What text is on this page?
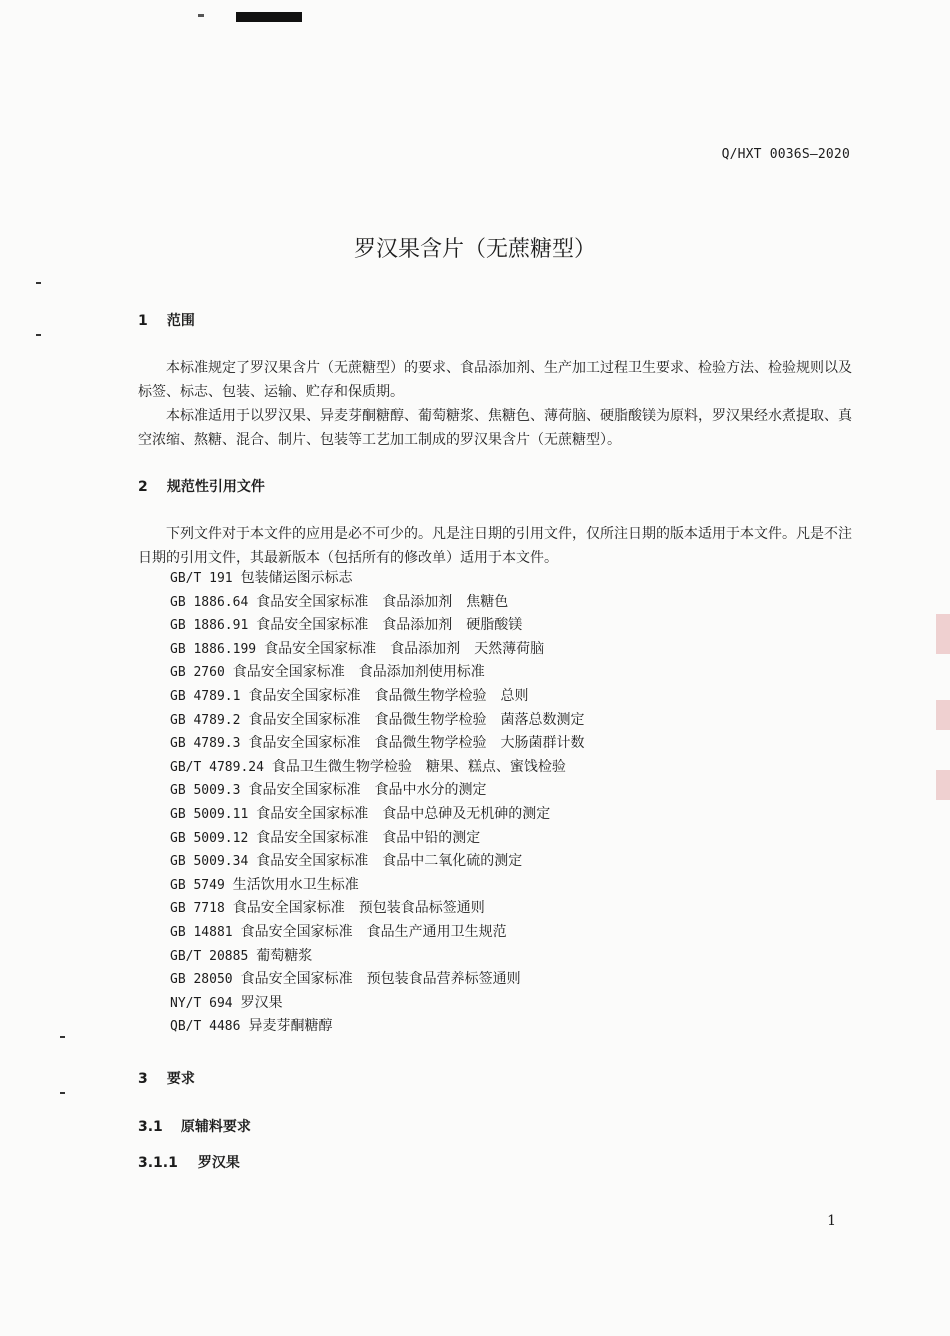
Q/HXT 0036S—2020
罗汉果含片（无蔗糖型）
1 范围
本标准规定了罗汉果含片（无蔗糖型）的要求、食品添加剂、生产加工过程卫生要求、检验方法、检验规则以及标签、标志、包装、运输、贮存和保质期。
本标准适用于以罗汉果、异麦芽酮糖醇、葡萄糖浆、焦糖色、薄荷脑、硬脂酸镁为原料，罗汉果经水煮提取、真空浓缩、熬糖、混合、制片、包装等工艺加工制成的罗汉果含片（无蔗糖型）。
2 规范性引用文件
下列文件对于本文件的应用是必不可少的。凡是注日期的引用文件，仅所注日期的版本适用于本文件。凡是不注日期的引用文件，其最新版本（包括所有的修改单）适用于本文件。
GB/T 191 包装储运图示标志
GB 1886.64 食品安全国家标准 食品添加剂 焦糖色
GB 1886.91 食品安全国家标准 食品添加剂 硬脂酸镁
GB 1886.199 食品安全国家标准 食品添加剂 天然薄荷脑
GB 2760 食品安全国家标准 食品添加剂使用标准
GB 4789.1 食品安全国家标准 食品微生物学检验 总则
GB 4789.2 食品安全国家标准 食品微生物学检验 菌落总数测定
GB 4789.3 食品安全国家标准 食品微生物学检验 大肠菌群计数
GB/T 4789.24 食品卫生微生物学检验 糖果、糕点、蜜饯检验
GB 5009.3 食品安全国家标准 食品中水分的测定
GB 5009.11 食品安全国家标准 食品中总砷及无机砷的测定
GB 5009.12 食品安全国家标准 食品中铅的测定
GB 5009.34 食品安全国家标准 食品中二氧化硫的测定
GB 5749 生活饮用水卫生标准
GB 7718 食品安全国家标准 预包装食品标签通则
GB 14881 食品安全国家标准 食品生产通用卫生规范
GB/T 20885 葡萄糖浆
GB 28050 食品安全国家标准 预包装食品营养标签通则
NY/T 694 罗汉果
QB/T 4486 异麦芽酮糖醇
3 要求
3.1 原辅料要求
3.1.1 罗汉果
1
